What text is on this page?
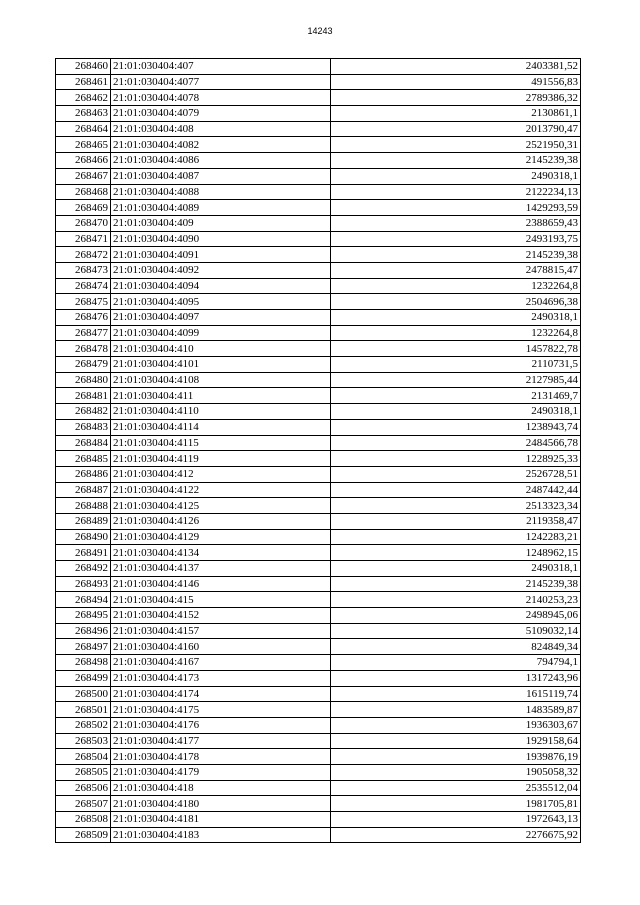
14243
268460	21:01:030404:407	2403381,52
268461	21:01:030404:4077	491556,83
268462	21:01:030404:4078	2789386,32
268463	21:01:030404:4079	2130861,1
268464	21:01:030404:408	2013790,47
268465	21:01:030404:4082	2521950,31
268466	21:01:030404:4086	2145239,38
268467	21:01:030404:4087	2490318,1
268468	21:01:030404:4088	2122234,13
268469	21:01:030404:4089	1429293,59
268470	21:01:030404:409	2388659,43
268471	21:01:030404:4090	2493193,75
268472	21:01:030404:4091	2145239,38
268473	21:01:030404:4092	2478815,47
268474	21:01:030404:4094	1232264,8
268475	21:01:030404:4095	2504696,38
268476	21:01:030404:4097	2490318,1
268477	21:01:030404:4099	1232264,8
268478	21:01:030404:410	1457822,78
268479	21:01:030404:4101	2110731,5
268480	21:01:030404:4108	2127985,44
268481	21:01:030404:411	2131469,7
268482	21:01:030404:4110	2490318,1
268483	21:01:030404:4114	1238943,74
268484	21:01:030404:4115	2484566,78
268485	21:01:030404:4119	1228925,33
268486	21:01:030404:412	2526728,51
268487	21:01:030404:4122	2487442,44
268488	21:01:030404:4125	2513323,34
268489	21:01:030404:4126	2119358,47
268490	21:01:030404:4129	1242283,21
268491	21:01:030404:4134	1248962,15
268492	21:01:030404:4137	2490318,1
268493	21:01:030404:4146	2145239,38
268494	21:01:030404:415	2140253,23
268495	21:01:030404:4152	2498945,06
268496	21:01:030404:4157	5109032,14
268497	21:01:030404:4160	824849,34
268498	21:01:030404:4167	794794,1
268499	21:01:030404:4173	1317243,96
268500	21:01:030404:4174	1615119,74
268501	21:01:030404:4175	1483589,87
268502	21:01:030404:4176	1936303,67
268503	21:01:030404:4177	1929158,64
268504	21:01:030404:4178	1939876,19
268505	21:01:030404:4179	1905058,32
268506	21:01:030404:418	2535512,04
268507	21:01:030404:4180	1981705,81
268508	21:01:030404:4181	1972643,13
268509	21:01:030404:4183	2276675,92
